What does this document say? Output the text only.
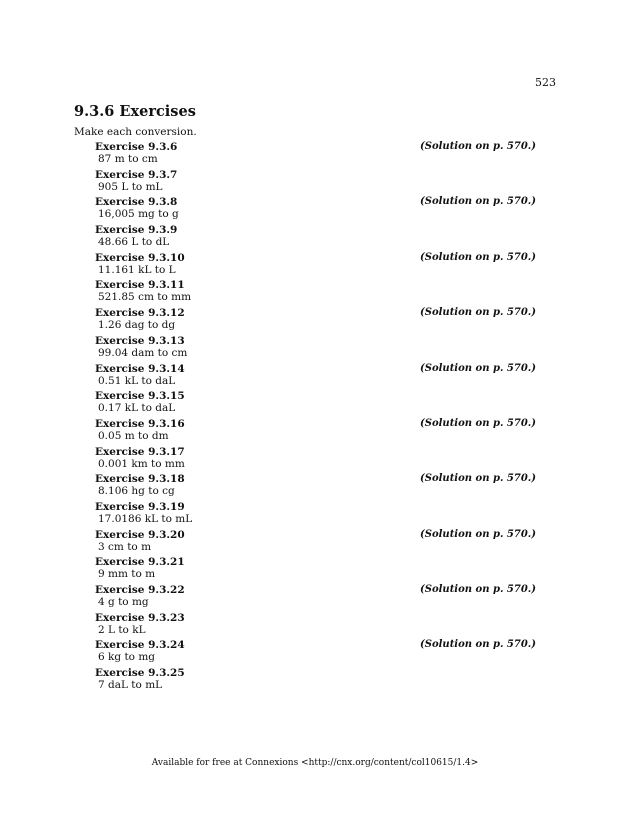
523
9.3.6 Exercises
Make each conversion.
Exercise 9.3.6	(Solution on p. 570.)
87 m to cm
Exercise 9.3.7
905 L to mL
Exercise 9.3.8	(Solution on p. 570.)
16,005 mg to g
Exercise 9.3.9
48.66 L to dL
Exercise 9.3.10	(Solution on p. 570.)
11.161 kL to L
Exercise 9.3.11
521.85 cm to mm
Exercise 9.3.12	(Solution on p. 570.)
1.26 dag to dg
Exercise 9.3.13
99.04 dam to cm
Exercise 9.3.14	(Solution on p. 570.)
0.51 kL to daL
Exercise 9.3.15
0.17 kL to daL
Exercise 9.3.16	(Solution on p. 570.)
0.05 m to dm
Exercise 9.3.17
0.001 km to mm
Exercise 9.3.18	(Solution on p. 570.)
8.106 hg to cg
Exercise 9.3.19
17.0186 kL to mL
Exercise 9.3.20	(Solution on p. 570.)
3 cm to m
Exercise 9.3.21
9 mm to m
Exercise 9.3.22	(Solution on p. 570.)
4 g to mg
Exercise 9.3.23
2 L to kL
Exercise 9.3.24	(Solution on p. 570.)
6 kg to mg
Exercise 9.3.25
7 daL to mL
Available for free at Connexions <http://cnx.org/content/col10615/1.4>
